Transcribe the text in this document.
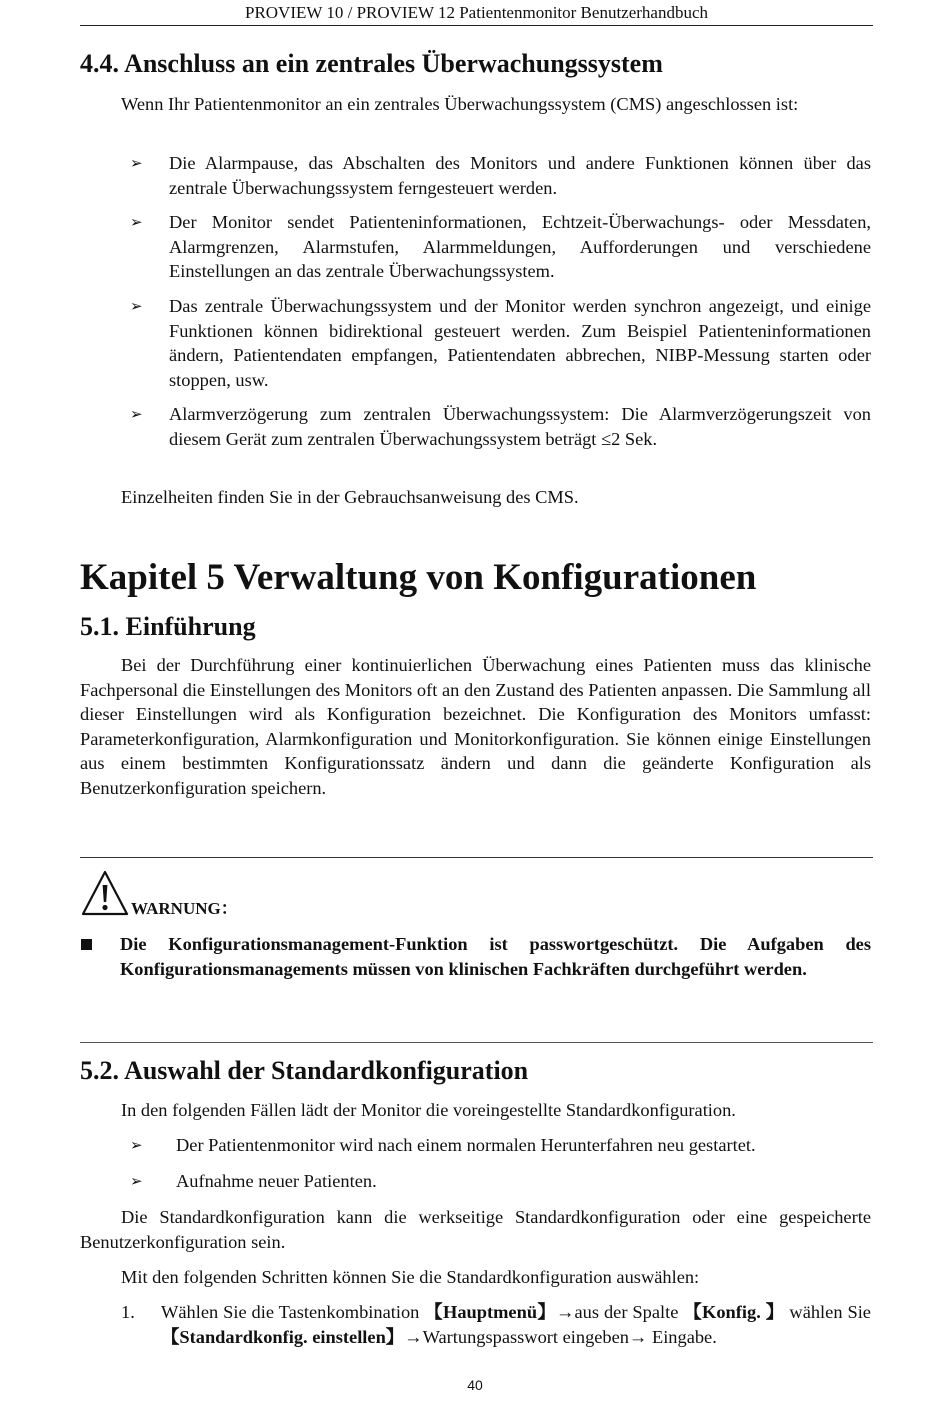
PROVIEW 10 / PROVIEW 12 Patientenmonitor Benutzerhandbuch
4.4. Anschluss an ein zentrales Überwachungssystem
Wenn Ihr Patientenmonitor an ein zentrales Überwachungssystem (CMS) angeschlossen ist:
➢ Die Alarmpause, das Abschalten des Monitors und andere Funktionen können über das zentrale Überwachungssystem ferngesteuert werden.
➢ Der Monitor sendet Patienteninformationen, Echtzeit-Überwachungs- oder Messdaten, Alarmgrenzen, Alarmstufen, Alarmmeldungen, Aufforderungen und verschiedene Einstellungen an das zentrale Überwachungssystem.
➢ Das zentrale Überwachungssystem und der Monitor werden synchron angezeigt, und einige Funktionen können bidirektional gesteuert werden. Zum Beispiel Patienteninformationen ändern, Patientendaten empfangen, Patientendaten abbrechen, NIBP-Messung starten oder stoppen, usw.
➢ Alarmverzögerung zum zentralen Überwachungssystem: Die Alarmverzögerungszeit von diesem Gerät zum zentralen Überwachungssystem beträgt ≤2 Sek.
Einzelheiten finden Sie in der Gebrauchsanweisung des CMS.
Kapitel 5 Verwaltung von Konfigurationen
5.1. Einführung
Bei der Durchführung einer kontinuierlichen Überwachung eines Patienten muss das klinische Fachpersonal die Einstellungen des Monitors oft an den Zustand des Patienten anpassen. Die Sammlung all dieser Einstellungen wird als Konfiguration bezeichnet. Die Konfiguration des Monitors umfasst: Parameterkonfiguration, Alarmkonfiguration und Monitorkonfiguration. Sie können einige Einstellungen aus einem bestimmten Konfigurationssatz ändern und dann die geänderte Konfiguration als Benutzerkonfiguration speichern.
WARNUNG：
Die Konfigurationsmanagement-Funktion ist passwortgeschützt. Die Aufgaben des Konfigurationsmanagements müssen von klinischen Fachkräften durchgeführt werden.
5.2. Auswahl der Standardkonfiguration
In den folgenden Fällen lädt der Monitor die voreingestellte Standardkonfiguration.
➢ Der Patientenmonitor wird nach einem normalen Herunterfahren neu gestartet.
➢ Aufnahme neuer Patienten.
Die Standardkonfiguration kann die werkseitige Standardkonfiguration oder eine gespeicherte Benutzerkonfiguration sein.
Mit den folgenden Schritten können Sie die Standardkonfiguration auswählen:
1. Wählen Sie die Tastenkombination 【Hauptmenü】→aus der Spalte 【Konfig. 】 wählen Sie【Standardkonfig. einstellen】→Wartungspasswort eingeben→ Eingabe.
40
